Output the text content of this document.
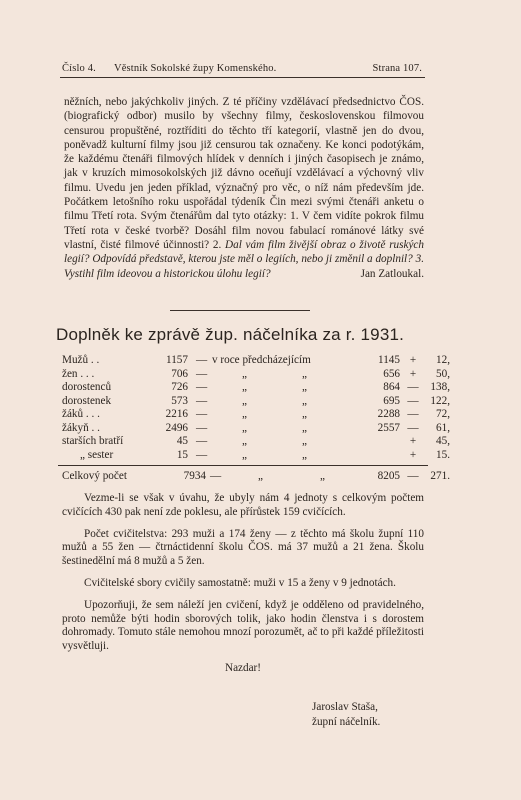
Číslo 4. Věstník Sokolské župy Komenského.	Strana 107.

něžních, nebo jakýchkoliv jiných. Z té příčiny vzdělávací předsednictvo ČOS. (biografický odbor) musilo by všechny filmy, československou filmovou censurou propuštěné, roztříditi do těchto tří kategorií, vlastně jen do dvou, poněvadž kulturní filmy jsou již censurou tak označeny. Ke konci podotýkám, že každému čtenáři filmových hlídek v denních i jiných časopisech je známo, jak v kruzích mimosokolských již dávno oceňují vzdělávací a výchovný vliv filmu. Uvedu jen jeden příklad, význačný pro věc, o níž nám především jde. Počátkem letošního roku uspořádal týdeník Čin mezi svými čtenáři anketu o filmu Třetí rota. Svým čtenářům dal tyto otázky: 1. V čem vidíte pokrok filmu Třetí rota v české tvorbě? Dosáhl film novou fabulací románové látky své vlastní, čisté filmové účinnosti? 2. Dal vám film živější obraz o životě ruských legií? Odpovídá představě, kterou jste měl o legiích, nebo ji změnil a doplnil? 3. Vystihl film ideovou a historickou úlohu legií?	Jan Zatloukal.

Doplněk ke zprávě žup. náčelníka za r. 1931.
Mužů . .	1157 — v roce předcházejícím	1145 +	12,
žen . . .	706 —	„	„	656 +	50,
dorostenců	726 —	„	„	864 —	138,
dorostenek	573 —	„	„	695 —	122,
žáků . . .	2216 —	„	„	2288 —	72,
žákyň . .	2496 —	„	„	2557 —	61,
starších bratří	45 —	„	„	+	45,
„ sester	15 —	„	„	+	15.
Celkový počet	7934 —	„	„	8205 —	271.

Vezme-li se však v úvahu, že ubyly nám 4 jednoty s celkovým počtem cvičících 430 pak není zde poklesu, ale přírůstek 159 cvičících.

Počet cvičitelstva: 293 muži a 174 ženy — z těchto má školu župní 110 mužů a 55 žen — čtrnáctidenní školu ČOS. má 37 mužů a 21 žena. Školu šestinedělní má 8 mužů a 5 žen.

Cvičitelské sbory cvičily samostatně: muži v 15 a ženy v 9 jednotách.

Upozorňuji, že sem náleží jen cvičení, když je odděleno od pravidelného, proto nemůže býti hodin sborových tolik, jako hodin členstva i s dorostem dohromady. Tomuto stále nemohou mnozí porozumět, ač to při každé příležitosti vysvětluji.

Nazdar!

Jaroslav Staša,
župní náčelník.
